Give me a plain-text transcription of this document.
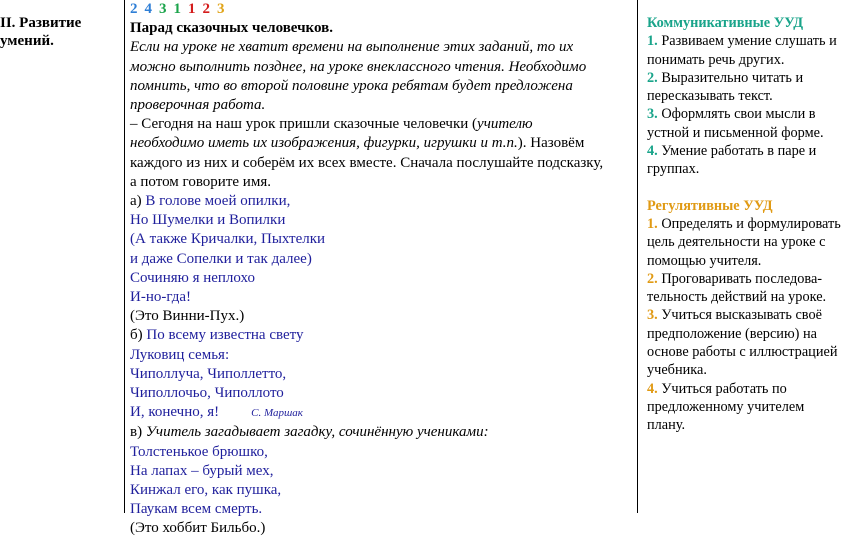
II. Развитие
умений.
2 4 3 1 1 2 3
Парад сказочных человечков.
Если на уроке не хватит времени на выполнение этих заданий, то их
можно выполнить позднее, на уроке внеклассного чтения. Необходимо
помнить, что во второй половине урока ребятам будет предложена
проверочная работа.
– Сегодня на наш урок пришли сказочные человечки (учителю
необходимо иметь их изображения, фигурки, игрушки и т.п.). Назовём
каждого из них и соберём их всех вместе. Сначала послушайте подсказку,
а потом говорите имя.
а) В голове моей опилки,
Но Шумелки и Вопилки
(А также Кричалки, Пыхтелки
и даже Сопелки и так далее)
Сочиняю я неплохо
И-но-гда!
(Это Винни-Пух.)
б) По всему известна свету
Луковиц семья:
Чиполлуча, Чиполлетто,
Чиполлочьо, Чиполлото
И, конечно, я!	С. Маршак
в) Учитель загадывает загадку, сочинённую учениками:
Толстенькое брюшко,
На лапах – бурый мех,
Кинжал его, как пушка,
Паукам всем смерть.
(Это хоббит Бильбо.)
Коммуникативные УУД
1. Развиваем умение слушать и
понимать речь других.
2. Выразительно читать и
пересказывать текст.
3. Оформлять свои мысли в
устной и письменной форме.
4. Умение работать в паре и
группах.
Регулятивные УУД
1. Определять и формулировать
цель деятельности на уроке с
помощью учителя.
2. Проговаривать последова-
тельность действий на уроке.
3. Учиться высказывать своё
предположение (версию) на
основе работы с иллюстрацией
учебника.
4. Учиться работать по
предложенному учителем
плану.
